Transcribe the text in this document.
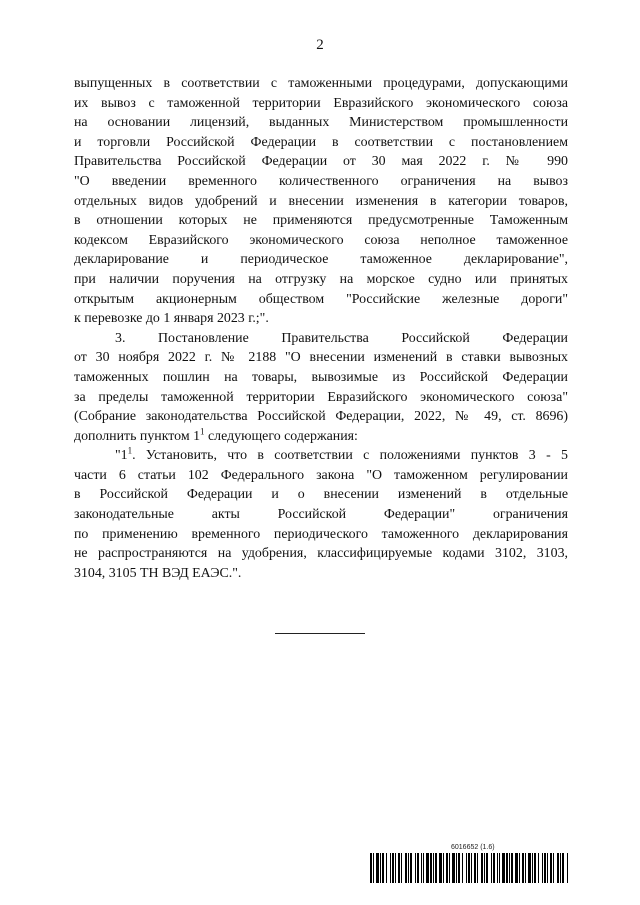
2

выпущенных в соответствии с таможенными процедурами, допускающими
их вывоз с таможенной территории Евразийского экономического союза
на основании лицензий, выданных Министерством промышленности
и торговли Российской Федерации в соответствии с постановлением
Правительства Российской Федерации от 30 мая 2022 г. № 990
"О введении временного количественного ограничения на вывоз
отдельных видов удобрений и внесении изменения в категории товаров,
в отношении которых не применяются предусмотренные Таможенным
кодексом Евразийского экономического союза неполное таможенное
декларирование и периодическое таможенное декларирование",
при наличии поручения на отгрузку на морское судно или принятых
открытым акционерным обществом "Российские железные дороги"
к перевозке до 1 января 2023 г.;".

3. Постановление Правительства Российской Федерации
от 30 ноября 2022 г. № 2188 "О внесении изменений в ставки вывозных
таможенных пошлин на товары, вывозимые из Российской Федерации
за пределы таможенной территории Евразийского экономического союза"
(Собрание законодательства Российской Федерации, 2022, № 49, ст. 8696)
дополнить пунктом $1^1$ следующего содержания:

"$1^1$. Установить, что в соответствии с положениями пунктов 3 - 5
части 6 статьи 102 Федерального закона "О таможенном регулировании
в Российской Федерации и о внесении изменений в отдельные
законодательные акты Российской Федерации" ограничения
по применению временного периодического таможенного декларирования
не распространяются на удобрения, классифицируемые кодами 3102, 3103,
3104, 3105 ТН ВЭД ЕАЭС.".

6016652 (1.6)
